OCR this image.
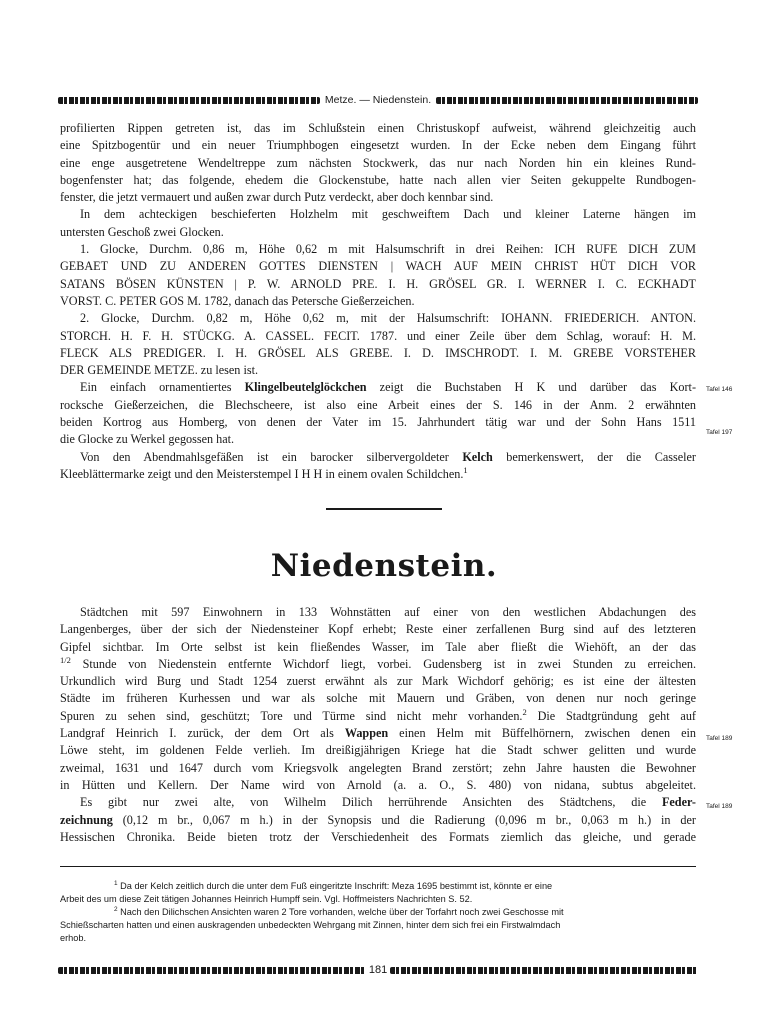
Metze. — Niedenstein.

profilierten Rippen getreten ist, das im Schlußstein einen Christuskopf aufweist, während gleichzeitig auch
eine Spitzbogentür und ein neuer Triumphbogen eingesetzt wurden. In der Ecke neben dem Eingang führt
eine enge ausgetretene Wendeltreppe zum nächsten Stockwerk, das nur nach Norden hin ein kleines Rund-
bogenfenster hat; das folgende, ehedem die Glockenstube, hatte nach allen vier Seiten gekuppelte Rundbogen-
fenster, die jetzt vermauert und außen zwar durch Putz verdeckt, aber doch kennbar sind.

In dem achteckigen beschieferten Holzhelm mit geschweiftem Dach und kleiner Laterne hängen im
untersten Geschoß zwei Glocken.

1. Glocke, Durchm. 0,86 m, Höhe 0,62 m mit Halsumschrift in drei Reihen: ICH RUFE DICH ZUM
GEBAET UND ZU ANDEREN GOTTES DIENSTEN | WACH AUF MEIN CHRIST HÜT DICH VOR
SATANS BÖSEN KÜNSTEN | P. W. ARNOLD PRE. I. H. GRÖSEL GR. I. WERNER I. C. ECKHADT
VORST. C. PETER GOS M. 1782, danach das Petersche Gießerzeichen.

2. Glocke, Durchm. 0,82 m, Höhe 0,62 m, mit der Halsumschrift: IOHANN. FRIEDERICH. ANTON.
STORCH. H. F. H. STÜCKG. A. CASSEL. FECIT. 1787. und einer Zeile über dem Schlag, worauf: H. M.
FLECK ALS PREDIGER. I. H. GRÖSEL ALS GREBE. I. D. IMSCHRODT. I. M. GREBE VORSTEHER
DER GEMEINDE METZE. zu lesen ist.

Ein einfach ornamentiertes Klingelbeutelglöckchen zeigt die Buchstaben H K und darüber das Kort-
rocksche Gießerzeichen, die Blechscheere, ist also eine Arbeit eines der S. 146 in der Anm. 2 erwähnten
beiden Kortrog aus Homberg, von denen der Vater im 15. Jahrhundert tätig war und der Sohn Hans 1511
die Glocke zu Werkel gegossen hat.

Von den Abendmahlsgefäßen ist ein barocker silbervergoldeter Kelch bemerkenswert, der die Casseler
Kleeblättermarke zeigt und den Meisterstempel I H H in einem ovalen Schildchen.$^1$

Tafel 146
Tafel 197
Tafel 189
Tafel 189
Niedenstein.

Städtchen mit 597 Einwohnern in 133 Wohnstätten auf einer von den westlichen Abdachungen des
Langenberges, über der sich der Niedensteiner Kopf erhebt; Reste einer zerfallenen Burg sind auf des letzteren
Gipfel sichtbar. Im Orte selbst ist kein fließendes Wasser, im Tale aber fließt die Wiehöft, an der das
$^{1/2}$ Stunde von Niedenstein entfernte Wichdorf liegt, vorbei. Gudensberg ist in zwei Stunden zu erreichen.
Urkundlich wird Burg und Stadt 1254 zuerst erwähnt als zur Mark Wichdorf gehörig; es ist eine der ältesten
Städte im früheren Kurhessen und war als solche mit Mauern und Gräben, von denen nur noch geringe
Spuren zu sehen sind, geschützt; Tore und Türme sind nicht mehr vorhanden.$^2$ Die Stadtgründung geht auf
Landgraf Heinrich I. zurück, der dem Ort als Wappen einen Helm mit Büffelhörnern, zwischen denen ein
Löwe steht, im goldenen Felde verlieh. Im dreißigjährigen Kriege hat die Stadt schwer gelitten und wurde
zweimal, 1631 und 1647 durch vom Kriegsvolk angelegten Brand zerstört; zehn Jahre hausten die Bewohner
in Hütten und Kellern. Der Name wird von Arnold (a. a. O., S. 480) von nidana, subtus abgeleitet.

Es gibt nur zwei alte, von Wilhelm Dilich herrührende Ansichten des Städtchens, die Feder-
zeichnung (0,12 m br., 0,067 m h.) in der Synopsis und die Radierung (0,096 m br., 0,063 m h.) in der
Hessischen Chronika. Beide bieten trotz der Verschiedenheit des Formats ziemlich das gleiche, und gerade

$^1$ Da der Kelch zeitlich durch die unter dem Fuß eingeritzte Inschrift: Meza 1695 bestimmt ist, könnte er eine
Arbeit des um diese Zeit tätigen Johannes Heinrich Humpff sein. Vgl. Hoffmeisters Nachrichten S. 52.

$^2$ Nach den Dilichschen Ansichten waren 2 Tore vorhanden, welche über der Torfahrt noch zwei Geschosse mit
Schießscharten hatten und einen auskragenden unbedeckten Wehrgang mit Zinnen, hinter dem sich frei ein Firstwalmdach
erhob.

181
